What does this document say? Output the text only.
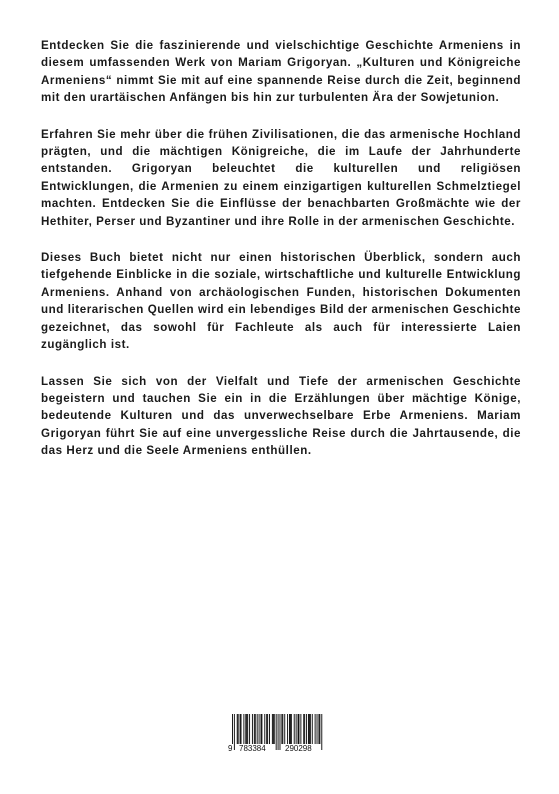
Entdecken Sie die faszinierende und vielschichtige Geschichte Armeniens in diesem umfassenden Werk von Mariam Grigoryan. „Kulturen und Königreiche Armeniens“ nimmt Sie mit auf eine spannende Reise durch die Zeit, beginnend mit den urartäischen Anfängen bis hin zur turbulenten Ära der Sowjetunion.

Erfahren Sie mehr über die frühen Zivilisationen, die das armenische Hochland prägten, und die mächtigen Königreiche, die im Laufe der Jahrhunderte entstanden. Grigoryan beleuchtet die kulturellen und religiösen Entwicklungen, die Armenien zu einem einzigartigen kulturellen Schmelztiegel machten. Entdecken Sie die Einflüsse der benachbarten Großmächte wie der Hethiter, Perser und Byzantiner und ihre Rolle in der armenischen Geschichte.

Dieses Buch bietet nicht nur einen historischen Überblick, sondern auch tiefgehende Einblicke in die soziale, wirtschaftliche und kulturelle Entwicklung Armeniens. Anhand von archäologischen Funden, historischen Dokumenten und literarischen Quellen wird ein lebendiges Bild der armenischen Geschichte gezeichnet, das sowohl für Fachleute als auch für interessierte Laien zugänglich ist.

Lassen Sie sich von der Vielfalt und Tiefe der armenischen Geschichte begeistern und tauchen Sie ein in die Erzählungen über mächtige Könige, bedeutende Kulturen und das unverwechselbare Erbe Armeniens. Mariam Grigoryan führt Sie auf eine unvergessliche Reise durch die Jahrtausende, die das Herz und die Seele Armeniens enthüllen.

9 783384 290298
